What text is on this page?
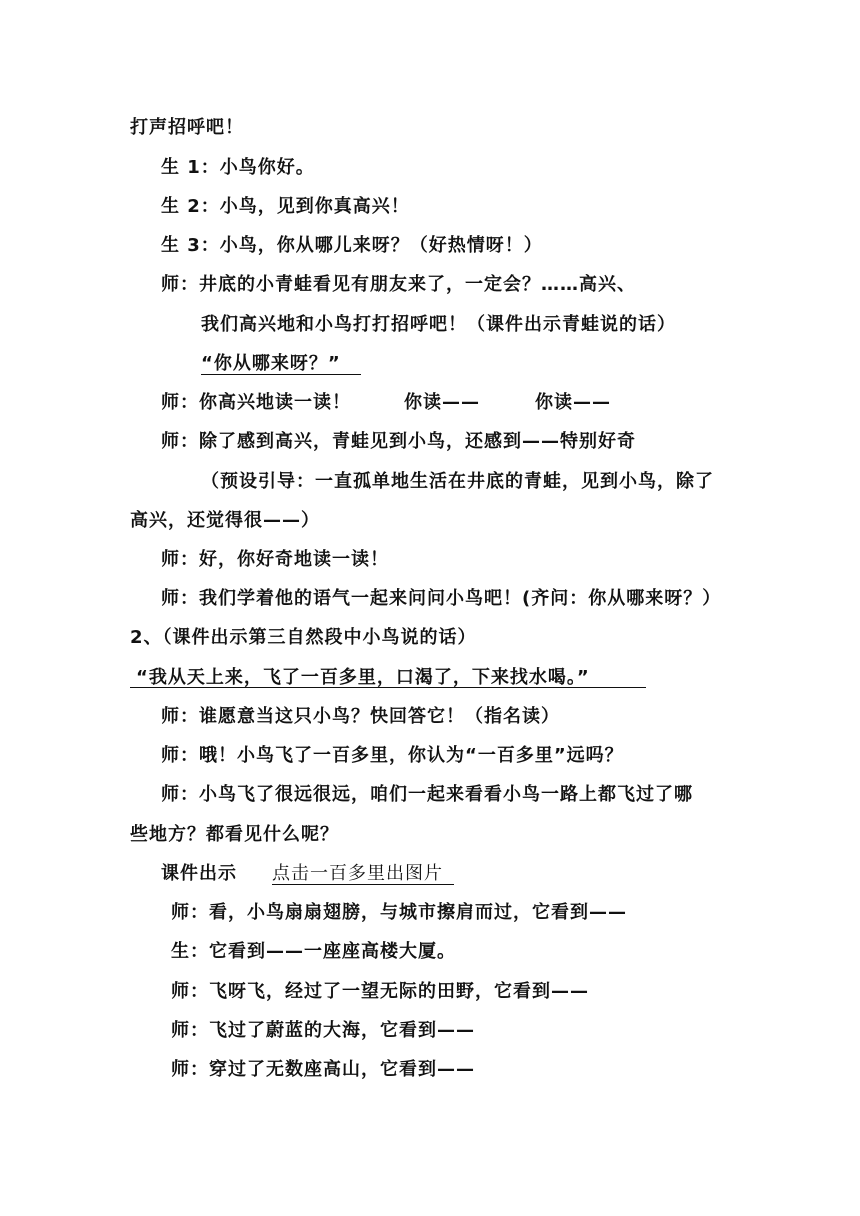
打声招呼吧！
生 1：小鸟你好。
生 2：小鸟，见到你真高兴！
生 3：小鸟，你从哪儿来呀？（好热情呀！）
师：井底的小青蛙看见有朋友来了，一定会？……高兴、
我们高兴地和小鸟打打招呼吧！（课件出示青蛙说的话）
“你从哪来呀？”
师：你高兴地读一读！	你读——	你读——
师：除了感到高兴，青蛙见到小鸟，还感到——特别好奇
（预设引导：一直孤单地生活在井底的青蛙，见到小鸟，除了
高兴，还觉得很——）
师：好，你好奇地读一读！
师：我们学着他的语气一起来问问小鸟吧！(齐问：你从哪来呀？）
2、（课件出示第三自然段中小鸟说的话）
“我从天上来，飞了一百多里，口渴了，下来找水喝。”
师：谁愿意当这只小鸟？快回答它！（指名读）
师：哦！小鸟飞了一百多里，你认为“一百多里”远吗？
师：小鸟飞了很远很远，咱们一起来看看小鸟一路上都飞过了哪
些地方？都看见什么呢？
课件出示 点击一百多里出图片
师：看，小鸟扇扇翅膀，与城市擦肩而过，它看到——
生：它看到——一座座高楼大厦。
师：飞呀飞，经过了一望无际的田野，它看到——
师：飞过了蔚蓝的大海，它看到——
师：穿过了无数座高山，它看到——
